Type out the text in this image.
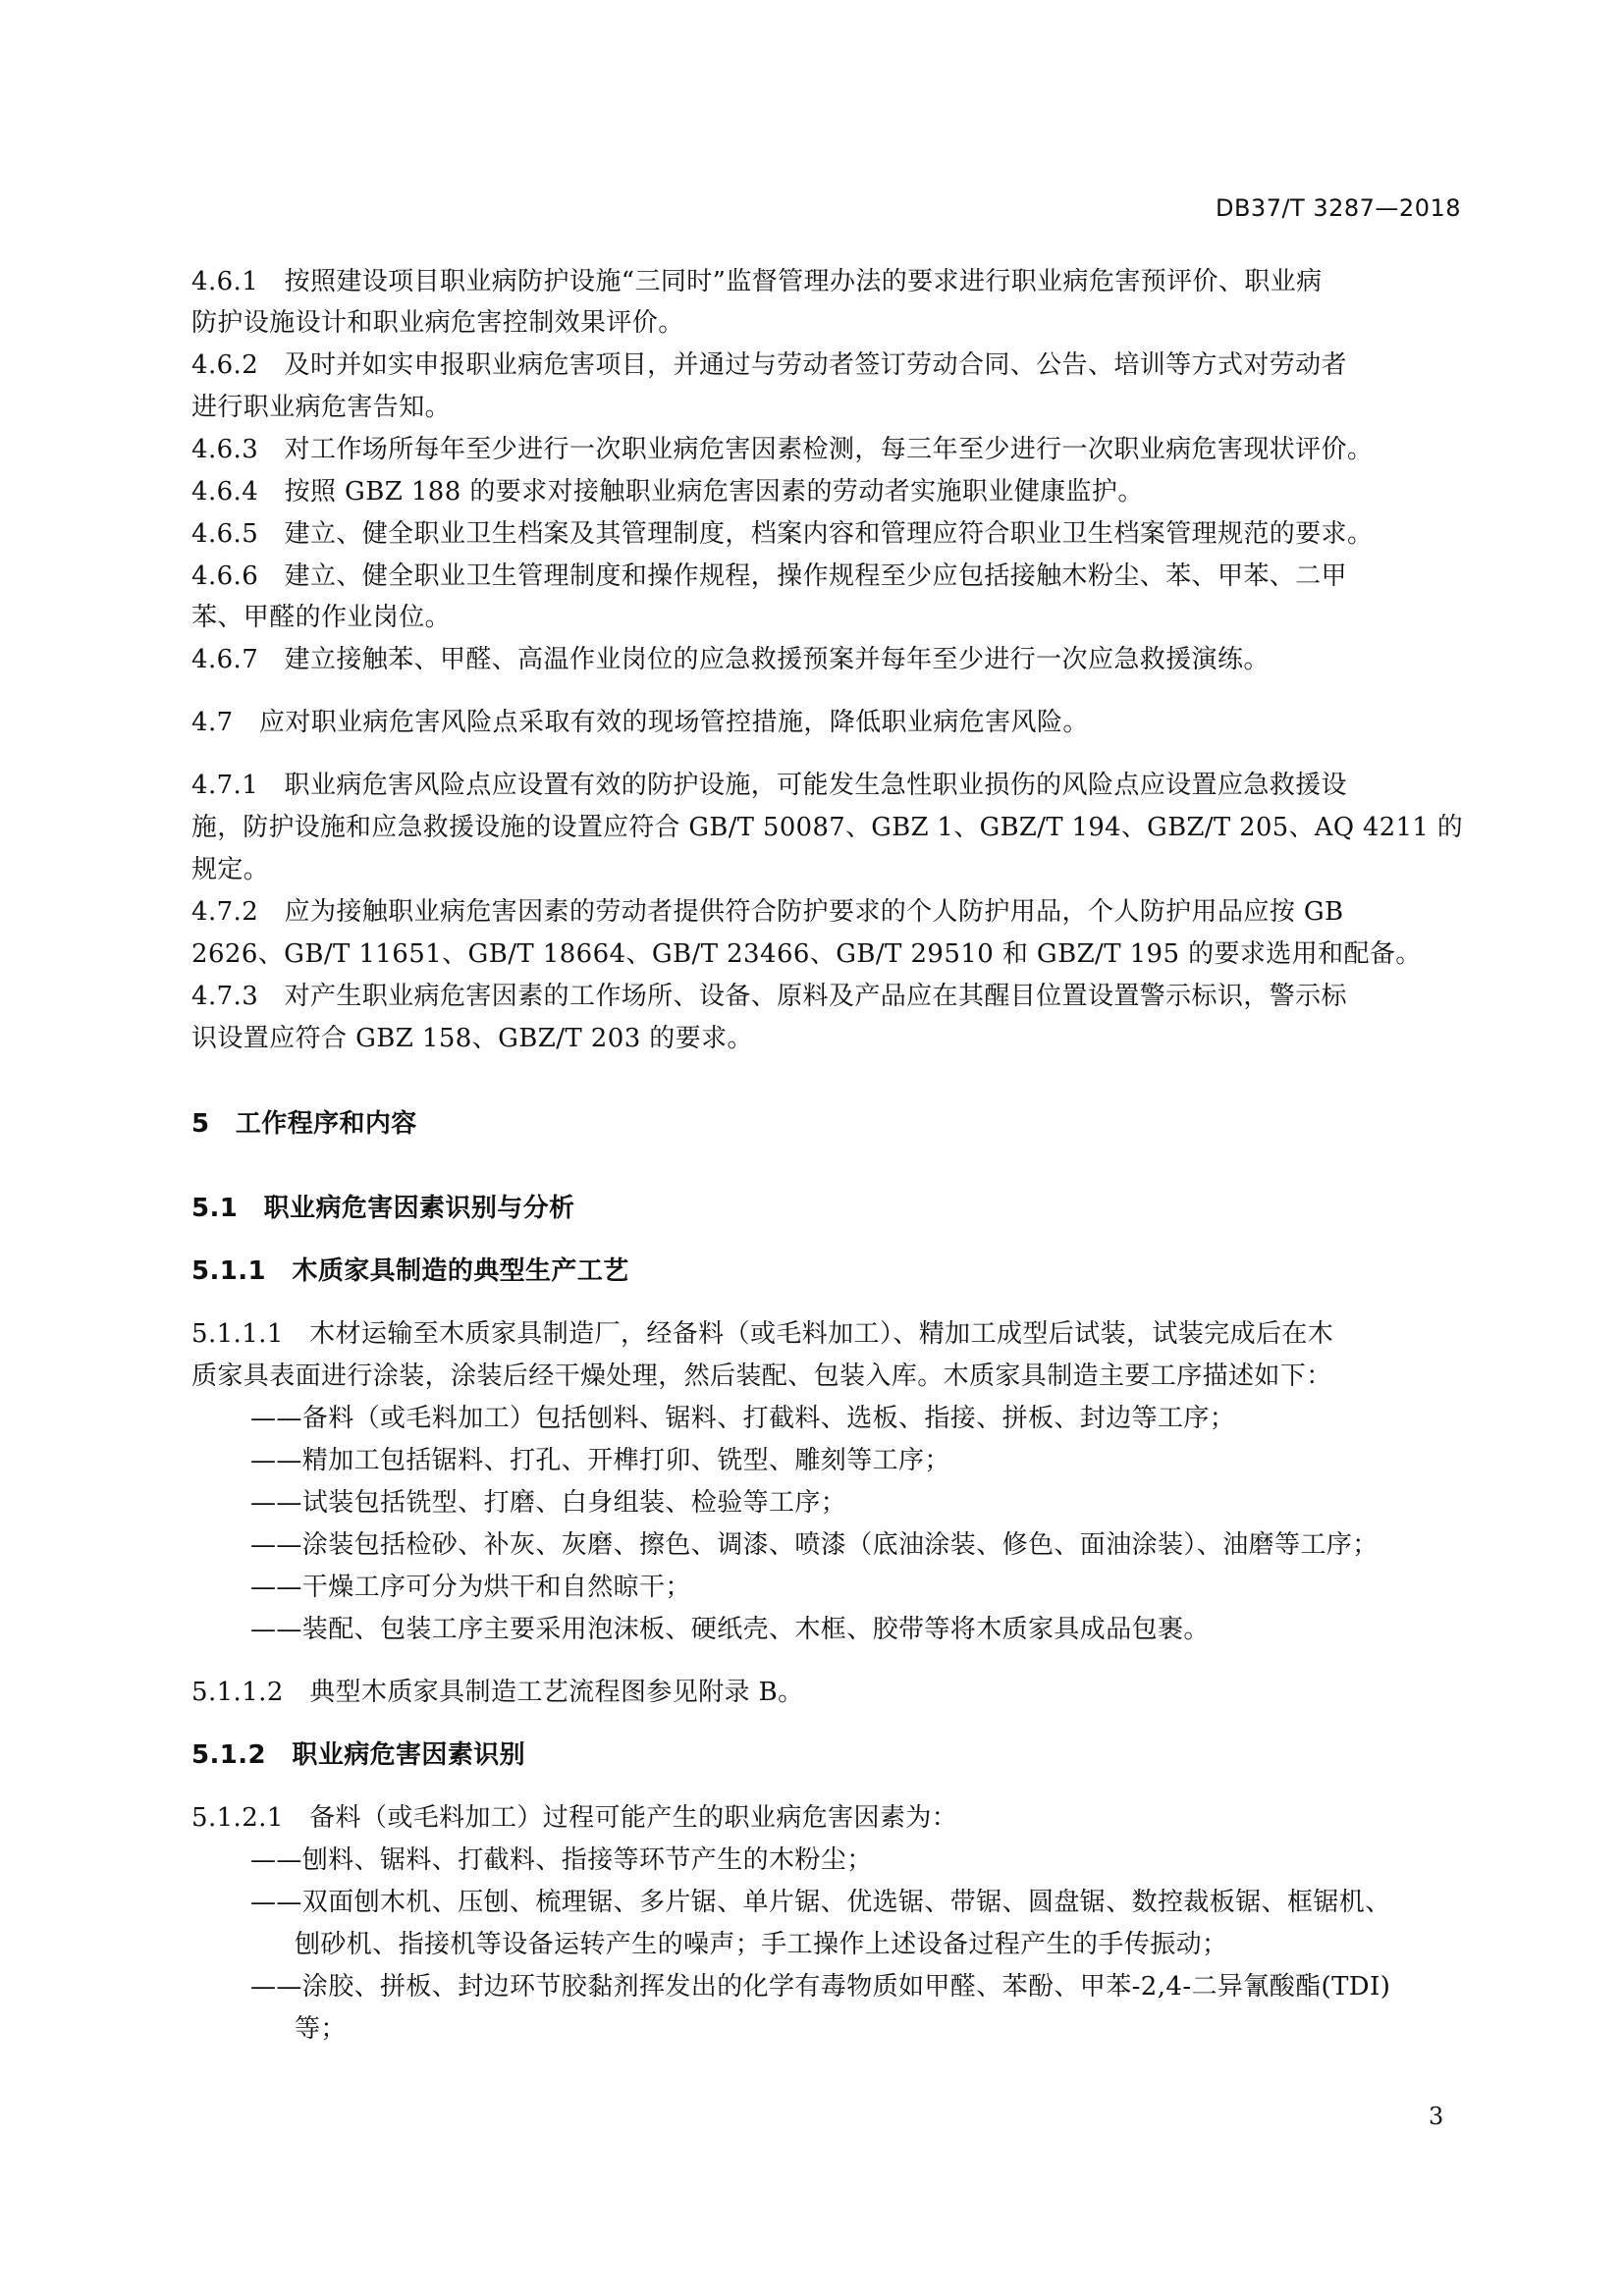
DB37/T 3287—2018
4.6.1　按照建设项目职业病防护设施“三同时”监督管理办法的要求进行职业病危害预评价、职业病
防护设施设计和职业病危害控制效果评价。
4.6.2　及时并如实申报职业病危害项目，并通过与劳动者签订劳动合同、公告、培训等方式对劳动者
进行职业病危害告知。
4.6.3　对工作场所每年至少进行一次职业病危害因素检测，每三年至少进行一次职业病危害现状评价。
4.6.4　按照 GBZ 188 的要求对接触职业病危害因素的劳动者实施职业健康监护。
4.6.5　建立、健全职业卫生档案及其管理制度，档案内容和管理应符合职业卫生档案管理规范的要求。
4.6.6　建立、健全职业卫生管理制度和操作规程，操作规程至少应包括接触木粉尘、苯、甲苯、二甲
苯、甲醛的作业岗位。
4.6.7　建立接触苯、甲醛、高温作业岗位的应急救援预案并每年至少进行一次应急救援演练。
4.7　应对职业病危害风险点采取有效的现场管控措施，降低职业病危害风险。
4.7.1　职业病危害风险点应设置有效的防护设施，可能发生急性职业损伤的风险点应设置应急救援设
施，防护设施和应急救援设施的设置应符合 GB/T 50087、GBZ 1、GBZ/T 194、GBZ/T 205、AQ 4211 的
规定。
4.7.2　应为接触职业病危害因素的劳动者提供符合防护要求的个人防护用品，个人防护用品应按 GB
2626、GB/T 11651、GB/T 18664、GB/T 23466、GB/T 29510 和 GBZ/T 195 的要求选用和配备。
4.7.3　对产生职业病危害因素的工作场所、设备、原料及产品应在其醒目位置设置警示标识，警示标
识设置应符合 GBZ 158、GBZ/T 203 的要求。
5　工作程序和内容
5.1　职业病危害因素识别与分析
5.1.1　木质家具制造的典型生产工艺
5.1.1.1　木材运输至木质家具制造厂，经备料（或毛料加工）、精加工成型后试装，试装完成后在木
质家具表面进行涂装，涂装后经干燥处理，然后装配、包装入库。木质家具制造主要工序描述如下：
——备料（或毛料加工）包括刨料、锯料、打截料、选板、指接、拼板、封边等工序；
——精加工包括锯料、打孔、开榫打卯、铣型、雕刻等工序；
——试装包括铣型、打磨、白身组装、检验等工序；
——涂装包括检砂、补灰、灰磨、擦色、调漆、喷漆（底油涂装、修色、面油涂装）、油磨等工序；
——干燥工序可分为烘干和自然晾干；
——装配、包装工序主要采用泡沫板、硬纸壳、木框、胶带等将木质家具成品包裹。
5.1.1.2　典型木质家具制造工艺流程图参见附录 B。
5.1.2　职业病危害因素识别
5.1.2.1　备料（或毛料加工）过程可能产生的职业病危害因素为：
——刨料、锯料、打截料、指接等环节产生的木粉尘；
——双面刨木机、压刨、梳理锯、多片锯、单片锯、优选锯、带锯、圆盘锯、数控裁板锯、框锯机、
刨砂机、指接机等设备运转产生的噪声；手工操作上述设备过程产生的手传振动；
——涂胶、拼板、封边环节胶黏剂挥发出的化学有毒物质如甲醛、苯酚、甲苯-2,4-二异氰酸酯(TDI)
等；
3
